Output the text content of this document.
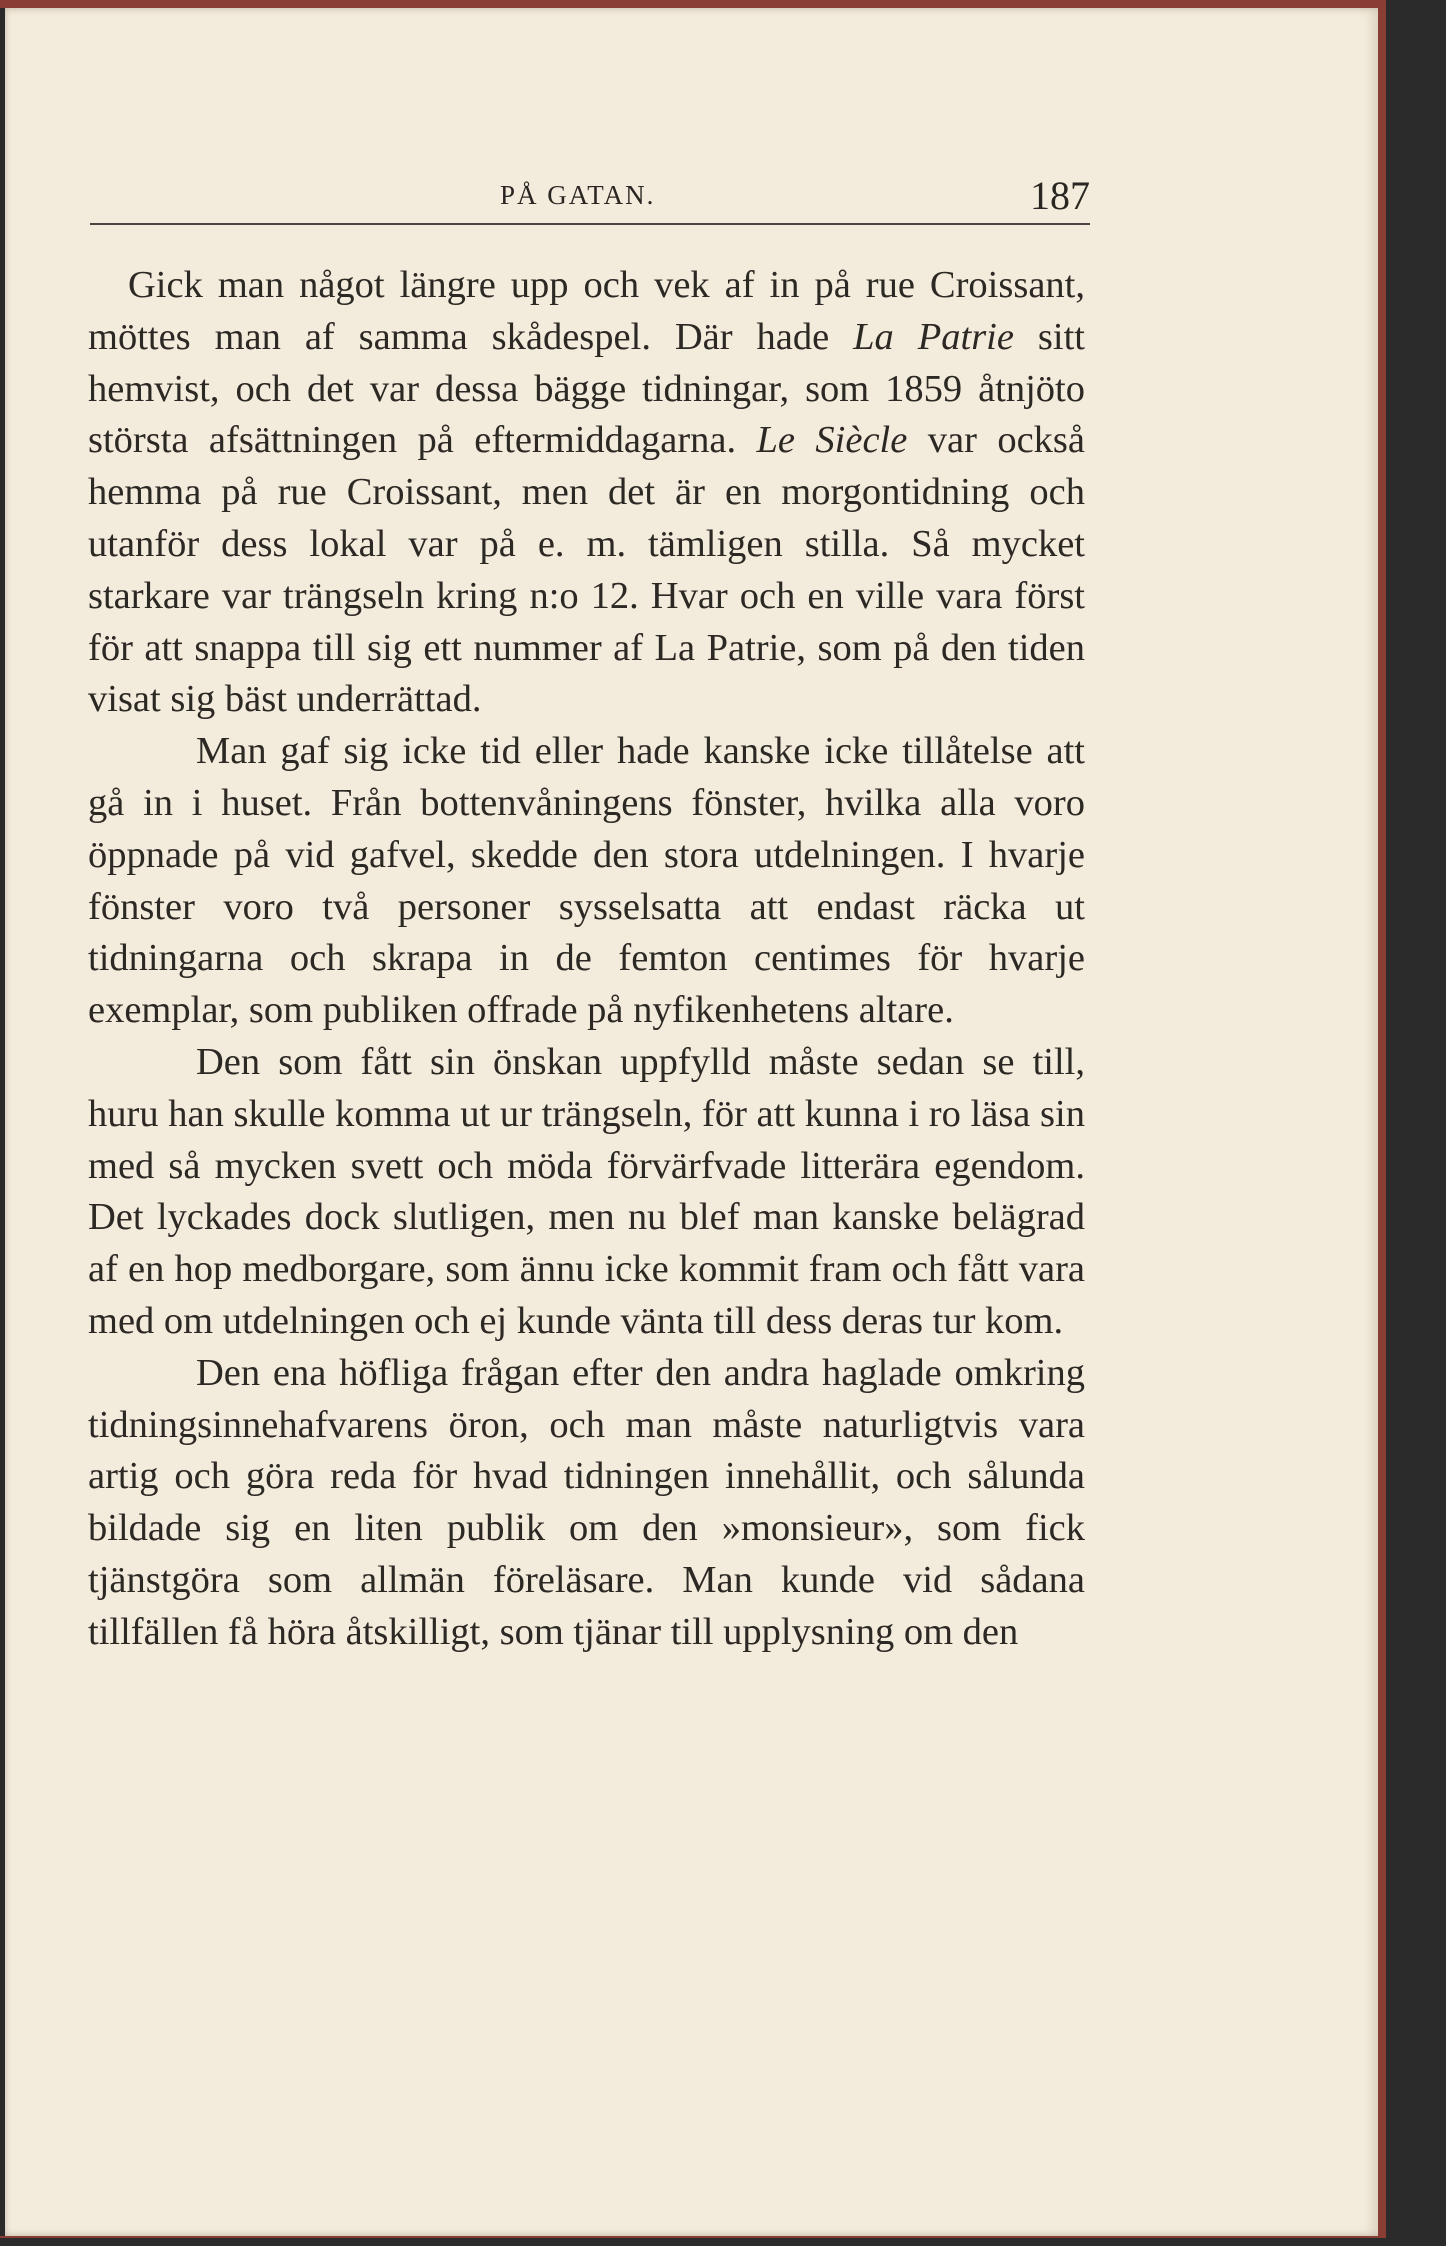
PÅ GATAN.	187

Gick man något längre upp och vek af in på rue Croissant, möttes man af samma skådespel. Där hade La Patrie sitt hemvist, och det var dessa bägge tidningar, som 1859 åtnjöto största afsättningen på eftermiddagarna. Le Siècle var också hemma på rue Croissant, men det är en morgontidning och utanför dess lokal var på e. m. tämligen stilla. Så mycket starkare var trängseln kring n:o 12. Hvar och en ville vara först för att snappa till sig ett nummer af La Patrie, som på den tiden visat sig bäst underrättad.

Man gaf sig icke tid eller hade kanske icke tillåtelse att gå in i huset. Från bottenvåningens fönster, hvilka alla voro öppnade på vid gafvel, skedde den stora utdelningen. I hvarje fönster voro två personer sysselsatta att endast räcka ut tidningarna och skrapa in de femton centimes för hvarje exemplar, som publiken offrade på nyfikenhetens altare.

Den som fått sin önskan uppfylld måste sedan se till, huru han skulle komma ut ur trängseln, för att kunna i ro läsa sin med så mycken svett och möda förvärfvade litterära egendom. Det lyckades dock slutligen, men nu blef man kanske belägrad af en hop medborgare, som ännu icke kommit fram och fått vara med om utdelningen och ej kunde vänta till dess deras tur kom.

Den ena höfliga frågan efter den andra haglade omkring tidningsinnehafvarens öron, och man måste naturligtvis vara artig och göra reda för hvad tidningen innehållit, och sålunda bildade sig en liten publik om den »monsieur», som fick tjänstgöra som allmän föreläsare. Man kunde vid sådana tillfällen få höra åtskilligt, som tjänar till upplysning om den
